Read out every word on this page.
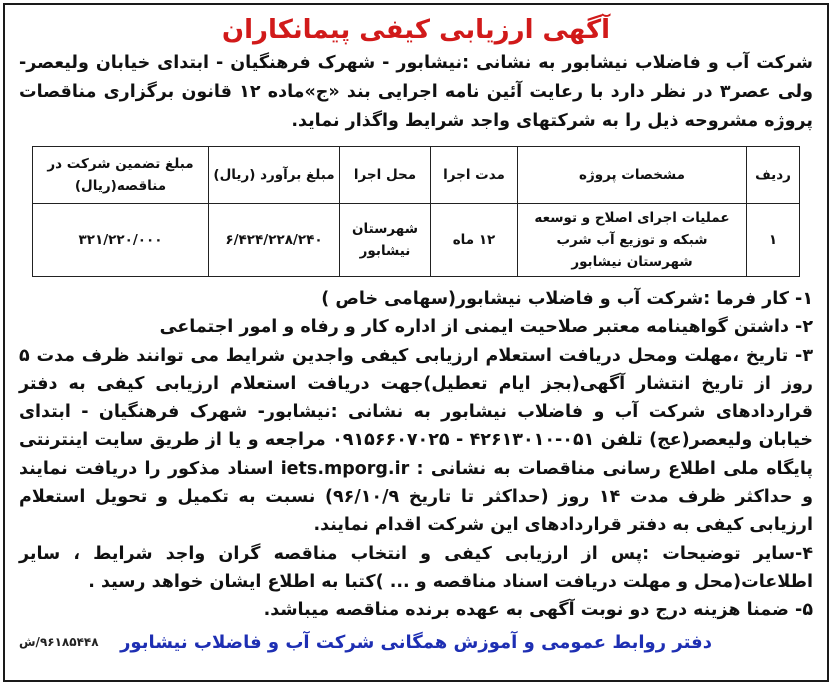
آگهی ارزیابی کیفی پیمانکاران
شرکت آب و فاضلاب نیشابور به نشانی :نیشابور - شهرک فرهنگیان - ابتدای خیابان ولیعصر-ولی عصر۳ در نظر دارد با رعایت آئین نامه اجرایی بند «ج»ماده ۱۲ قانون برگزاری مناقصات پروژه مشروحه ذیل را به شرکتهای واجد شرایط واگذار نماید.
ردیف	مشخصات پروژه	مدت اجرا	محل اجرا	مبلغ برآورد (ریال)	مبلغ تضمین شرکت در مناقصه(ریال)
۱	عملیات اجرای اصلاح و توسعه شبکه و توزیع آب شرب شهرستان نیشابور	۱۲ ماه	شهرستان نیشابور	۶/۴۲۴/۲۲۸/۲۴۰	۳۲۱/۲۲۰/۰۰۰

۱- کار فرما :شرکت آب و فاضلاب نیشابور(سهامی خاص )

۲- داشتن گواهینامه معتبر صلاحیت ایمنی از اداره کار و رفاه و امور اجتماعی

۳- تاریخ ،مهلت ومحل دریافت استعلام ارزیابی کیفی واجدین شرایط می توانند ظرف مدت ۵ روز از تاریخ انتشار آگهی(بجز ایام تعطیل)جهت دریافت استعلام ارزیابی کیفی به دفتر قراردادهای شرکت آب و فاضلاب نیشابور به نشانی :نیشابور- شهرک فرهنگیان - ابتدای خیابان ولیعصر(عج) تلفن ۰۵۱-۴۲۶۱۳۰۱۰ - ۰۹۱۵۶۶۰۷۰۲۵ مراجعه و یا از طریق سایت اینترنتی پایگاه ملی اطلاع رسانی مناقصات به نشانی : iets.mporg.ir اسناد مذکور را دریافت نمایند و حداکثر ظرف مدت ۱۴ روز (حداکثر تا تاریخ ۹۶/۱۰/۹) نسبت به تکمیل و تحویل استعلام ارزیابی کیفی به دفتر قراردادهای این شرکت اقدام نمایند.

۴-سایر توضیحات :پس از ارزیابی کیفی و انتخاب مناقصه گران واجد شرایط ، سایر اطلاعات(محل و مهلت دریافت اسناد مناقصه و ... )کتبا به اطلاع ایشان خواهد رسید .

۵- ضمنا هزینه درج دو نوبت آگهی به عهده برنده مناقصه میباشد.

دفتر روابط عمومی و آموزش همگانی شرکت آب و فاضلاب نیشابور
۹۶۱۸۵۴۴۸/ش
